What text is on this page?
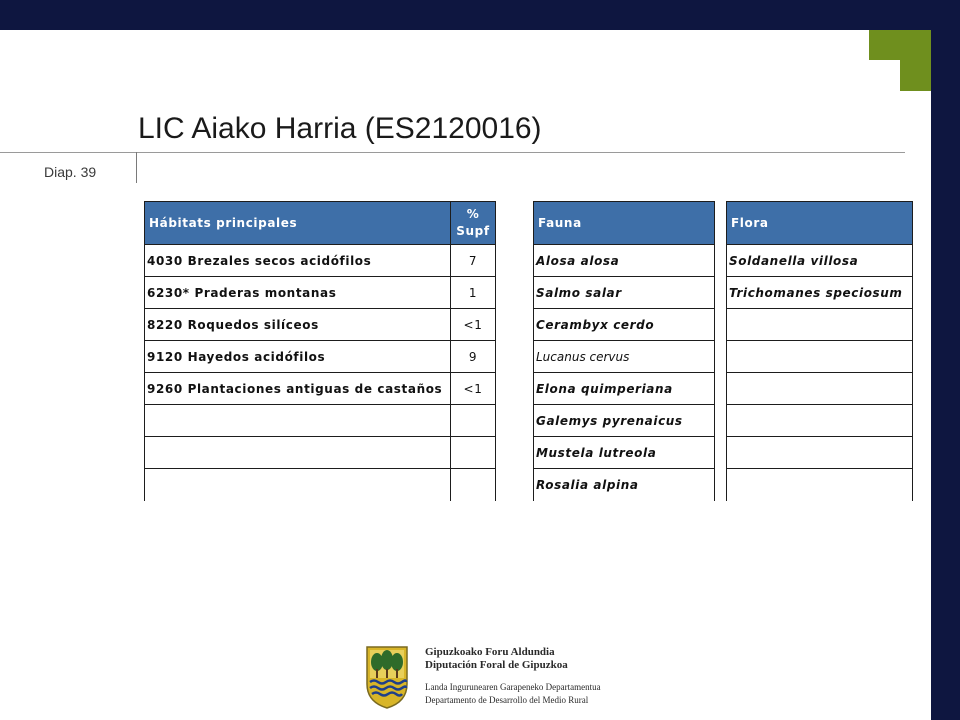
LIC Aiako Harria (ES2120016)
Diap. 39
Hábitats principales	%
Supf

4030 Brezales secos acidófilos	7
6230* Praderas montanas	1
8220 Roquedos silíceos	<1
9120 Hayedos acidófilos	9
9260 Plantaciones antiguas de castaños	<1

Fauna
Alosa alosa
Salmo salar
Cerambyx cerdo
Lucanus cervus
Elona quimperiana
Galemys pyrenaicus
Mustela lutreola
Rosalia alpina
Flora
Soldanella villosa
Trichomanes speciosum

Gipuzkoako Foru Aldundia
Diputación Foral de Gipuzkoa
Landa Ingurunearen Garapeneko Departamentua
Departamento de Desarrollo del Medio Rural
